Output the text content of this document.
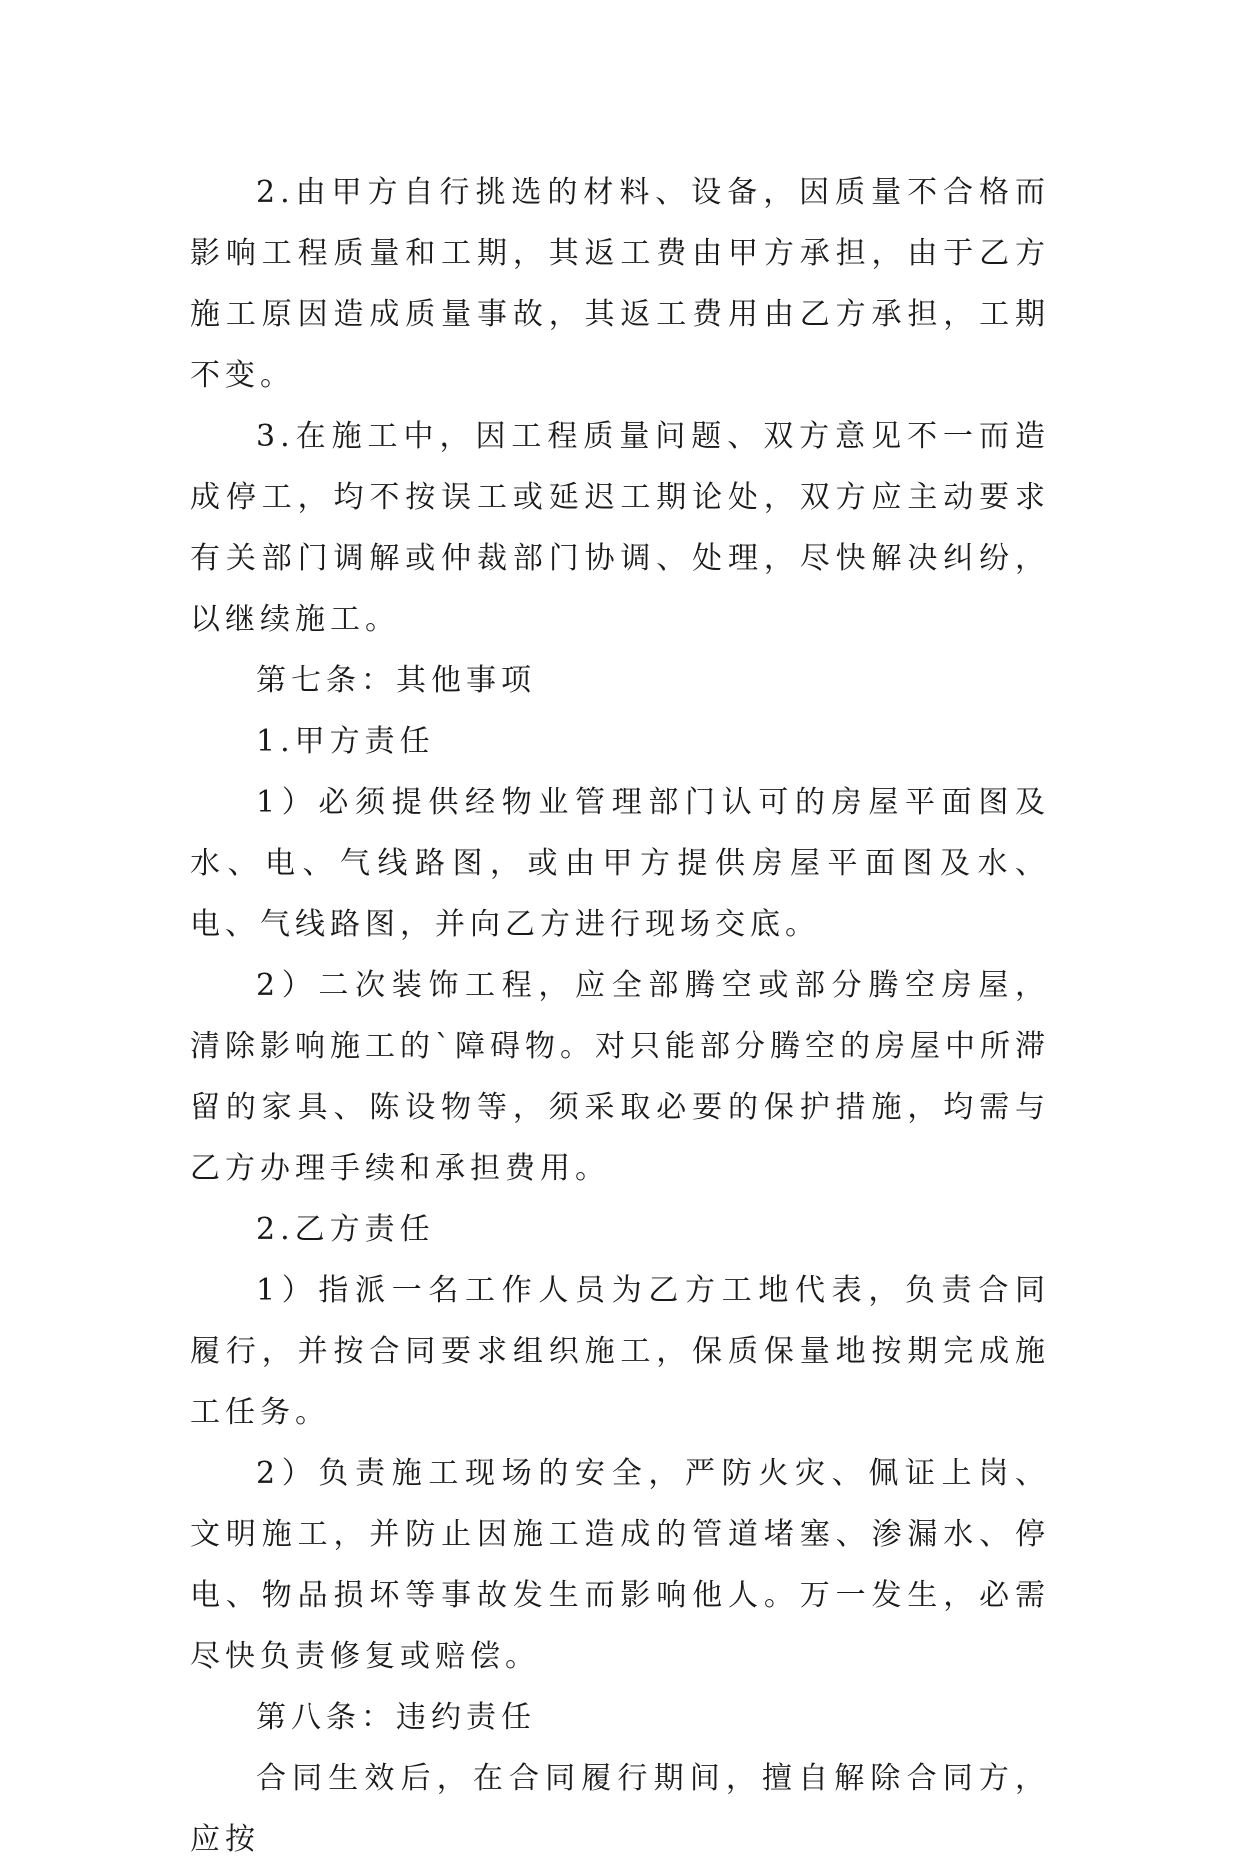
2.由甲方自行挑选的材料、设备，因质量不合格而影响工程质量和工期，其返工费由甲方承担，由于乙方施工原因造成质量事故，其返工费用由乙方承担，工期不变。

3.在施工中，因工程质量问题、双方意见不一而造成停工，均不按误工或延迟工期论处，双方应主动要求有关部门调解或仲裁部门协调、处理，尽快解决纠纷，以继续施工。

第七条：其他事项

1.甲方责任

1）必须提供经物业管理部门认可的房屋平面图及水、电、气线路图，或由甲方提供房屋平面图及水、电、气线路图，并向乙方进行现场交底。

2）二次装饰工程，应全部腾空或部分腾空房屋，清除影响施工的`障碍物。对只能部分腾空的房屋中所滞留的家具、陈设物等，须采取必要的保护措施，均需与乙方办理手续和承担费用。

2.乙方责任

1）指派一名工作人员为乙方工地代表，负责合同履行，并按合同要求组织施工，保质保量地按期完成施工任务。

2）负责施工现场的安全，严防火灾、佩证上岗、文明施工，并防止因施工造成的管道堵塞、渗漏水、停电、物品损坏等事故发生而影响他人。万一发生，必需尽快负责修复或赔偿。

第八条：违约责任

合同生效后，在合同履行期间，擅自解除合同方，应按
